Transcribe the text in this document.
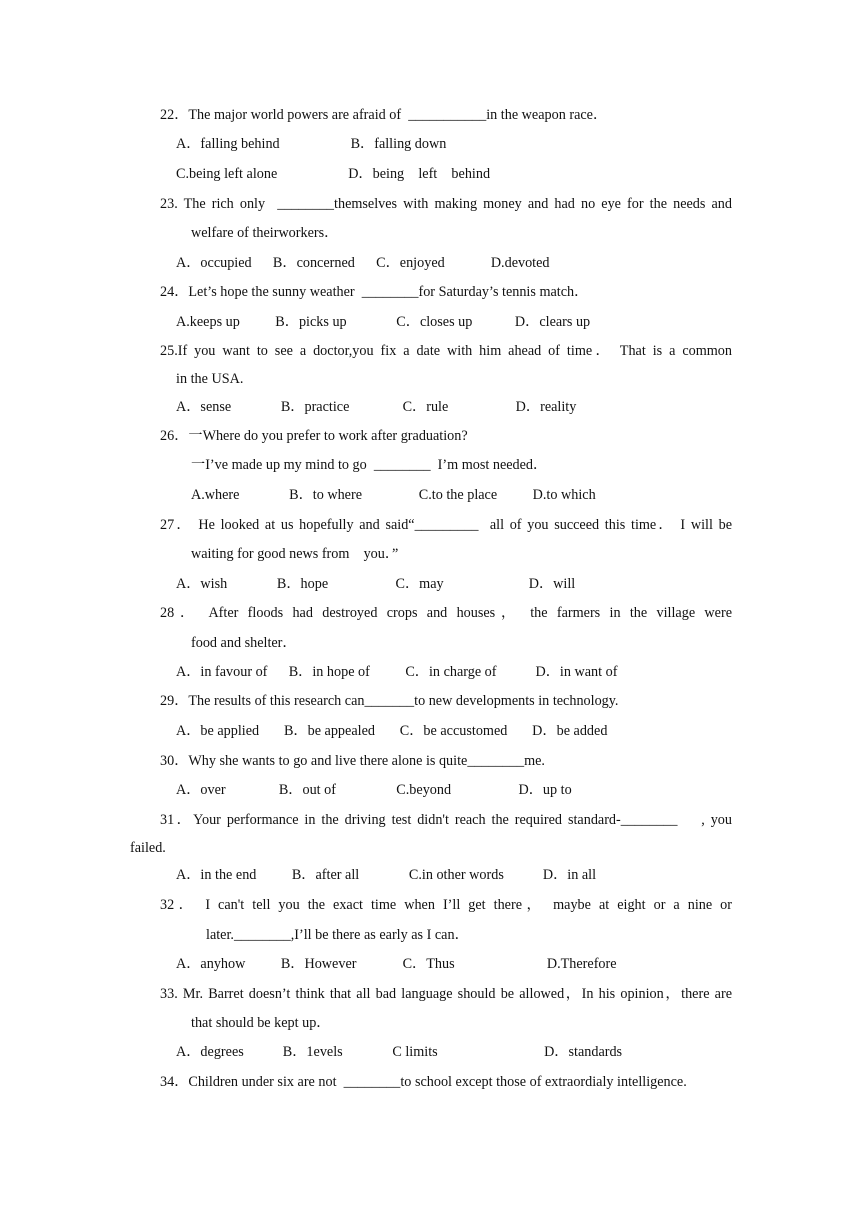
22．The major world powers are afraid of  ___________in the weapon race．
A．falling behind                    B．falling down
C.being left alone                    D．being    left    behind
23. The rich only  ________themselves with making money and had no eye for the needs and
welfare of theirworkers．
A．occupied      B．concerned      C．enjoyed             D.devoted
24．Let’s hope the sunny weather  ________for Saturday’s tennis match．
A.keeps up          B．picks up              C．closes up            D．clears up
25.If you want to see a doctor,you fix a date with him ahead of time． That is a common
in the USA.
A．sense              B．practice               C．rule                   D．reality
26．一Where do you prefer to work after graduation?
一I’ve made up my mind to go  ________  I’m most needed．
A.where              B．to where                C.to the place          D.to which
27． He looked at us hopefully and said“_________  all of you succeed this time． I will be
waiting for good news from    you．”
A．wish              B．hope                   C．may                        D．will
28． After floods had destroyed crops and houses， the farmers in the village were
food and shelter．
A．in favour of      B．in hope of          C．in charge of           D．in want of
29．The results of this research can_______to new developments in technology.
A．be applied       B．be appealed       C．be accustomed       D．be added
30．Why she wants to go and live there alone is quite________me.
A．over               B．out of                 C.beyond                   D．up to
31．Your performance in the driving test didn't reach the required standard-________    , you
failed.
A．in the end          B．after all              C.in other words           D．in all
32． I can't tell you the exact time when I’ll get there， maybe at eight or a nine or
later.________,I’ll be there as early as I can．
A．anyhow          B．However             C．Thus                          D.Therefore
33. Mr. Barret doesn’t think that all bad language should be allowed，In his opinion，there are
that should be kept up．
A．degrees           B．1evels              C limits                              D．standards
34．Children under six are not  ________to school except those of extraordialy intelligence.
